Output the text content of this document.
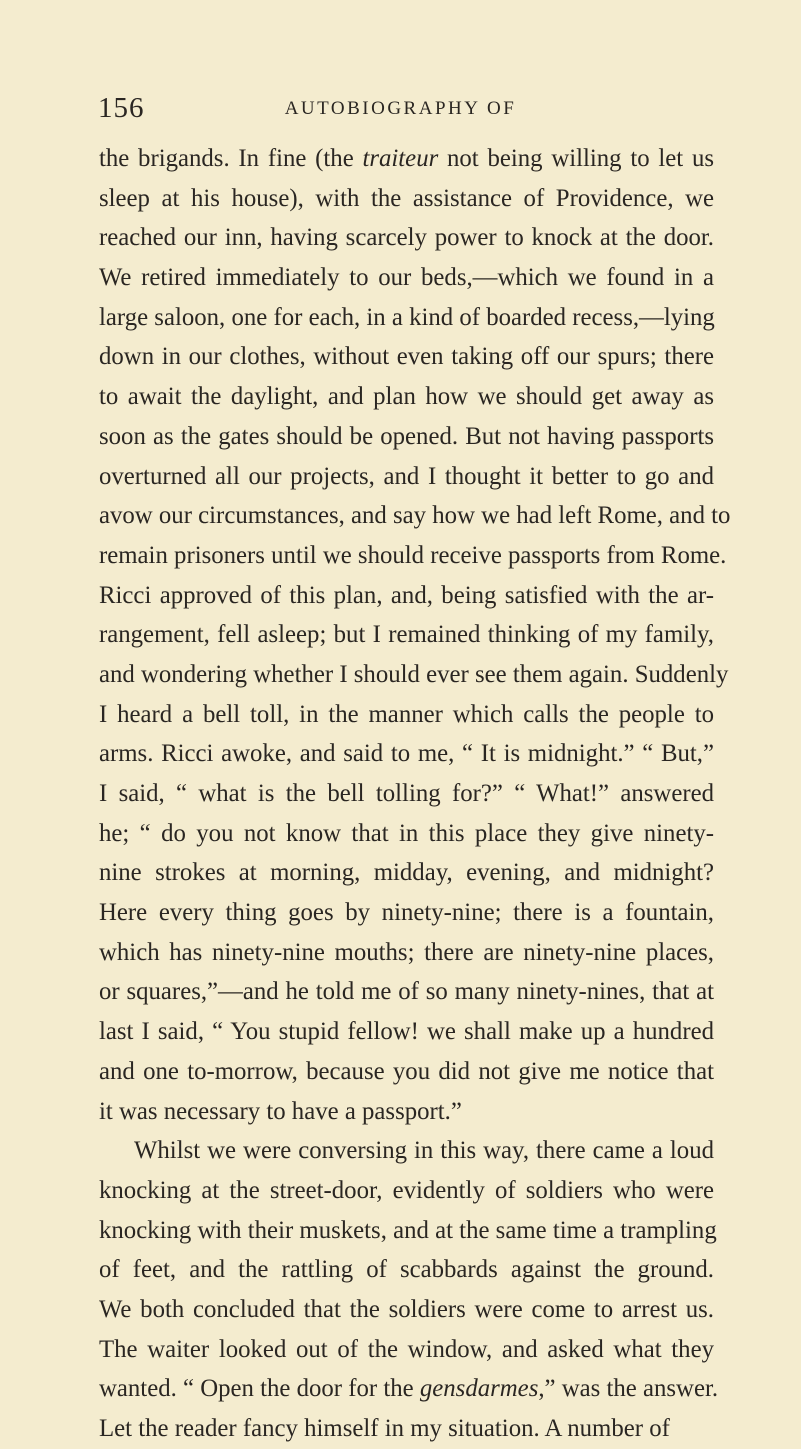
156	AUTOBIOGRAPHY OF
the brigands. In fine (the traiteur not being willing to let us
sleep at his house), with the assistance of Providence, we
reached our inn, having scarcely power to knock at the door.
We retired immediately to our beds,—which we found in a
large saloon, one for each, in a kind of boarded recess,—lying
down in our clothes, without even taking off our spurs; there
to await the daylight, and plan how we should get away as
soon as the gates should be opened. But not having passports
overturned all our projects, and I thought it better to go and
avow our circumstances, and say how we had left Rome, and to
remain prisoners until we should receive passports from Rome.
Ricci approved of this plan, and, being satisfied with the ar-
rangement, fell asleep; but I remained thinking of my family,
and wondering whether I should ever see them again. Suddenly
I heard a bell toll, in the manner which calls the people to
arms. Ricci awoke, and said to me, “ It is midnight.” “ But,”
I said, “ what is the bell tolling for?” “ What!” answered
he; “ do you not know that in this place they give ninety-
nine strokes at morning, midday, evening, and midnight?
Here every thing goes by ninety-nine; there is a fountain,
which has ninety-nine mouths; there are ninety-nine places,
or squares,”—and he told me of so many ninety-nines, that at
last I said, “ You stupid fellow! we shall make up a hundred
and one to-morrow, because you did not give me notice that
it was necessary to have a passport.”
Whilst we were conversing in this way, there came a loud
knocking at the street-door, evidently of soldiers who were
knocking with their muskets, and at the same time a trampling
of feet, and the rattling of scabbards against the ground.
We both concluded that the soldiers were come to arrest us.
The waiter looked out of the window, and asked what they
wanted. “ Open the door for the gensdarmes,” was the answer.
Let the reader fancy himself in my situation. A number of
